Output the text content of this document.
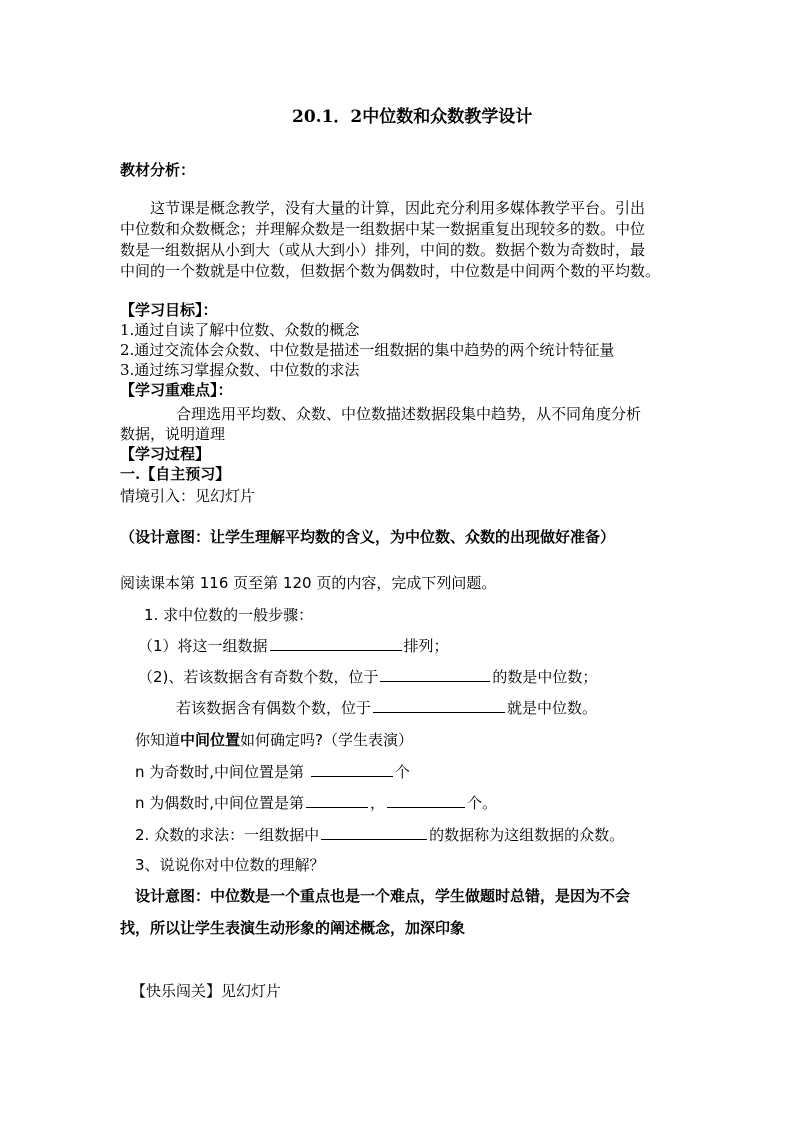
20.1．2中位数和众数教学设计
教材分析：
这节课是概念教学，没有大量的计算，因此充分利用多媒体教学平台。引出
中位数和众数概念；并理解众数是一组数据中某一数据重复出现较多的数。中位
数是一组数据从小到大（或从大到小）排列，中间的数。数据个数为奇数时，最
中间的一个数就是中位数，但数据个数为偶数时，中位数是中间两个数的平均数。
【学习目标】：
1.通过自读了解中位数、众数的概念
2.通过交流体会众数、中位数是描述一组数据的集中趋势的两个统计特征量
3.通过练习掌握众数、中位数的求法
【学习重难点】：
合理选用平均数、众数、中位数描述数据段集中趋势，从不同角度分析
数据，说明道理
【学习过程】
一.【自主预习】
情境引入：见幻灯片
（设计意图：让学生理解平均数的含义，为中位数、众数的出现做好准备）
阅读课本第 116 页至第 120 页的内容，完成下列问题。
1. 求中位数的一般步骤：
（1）将这一组数据	排列；
（2)、若该数据含有奇数个数，位于	的数是中位数；
若该数据含有偶数个数，位于	就是中位数。
你知道中间位置如何确定吗?（学生表演）
n 为奇数时,中间位置是第	个
n 为偶数时,中间位置是第	，	个。
2. 众数的求法：一组数据中	的数据称为这组数据的众数。
3、说说你对中位数的理解？
设计意图：中位数是一个重点也是一个难点，学生做题时总错，是因为不会
找，所以让学生表演生动形象的阐述概念，加深印象
【快乐闯关】见幻灯片
